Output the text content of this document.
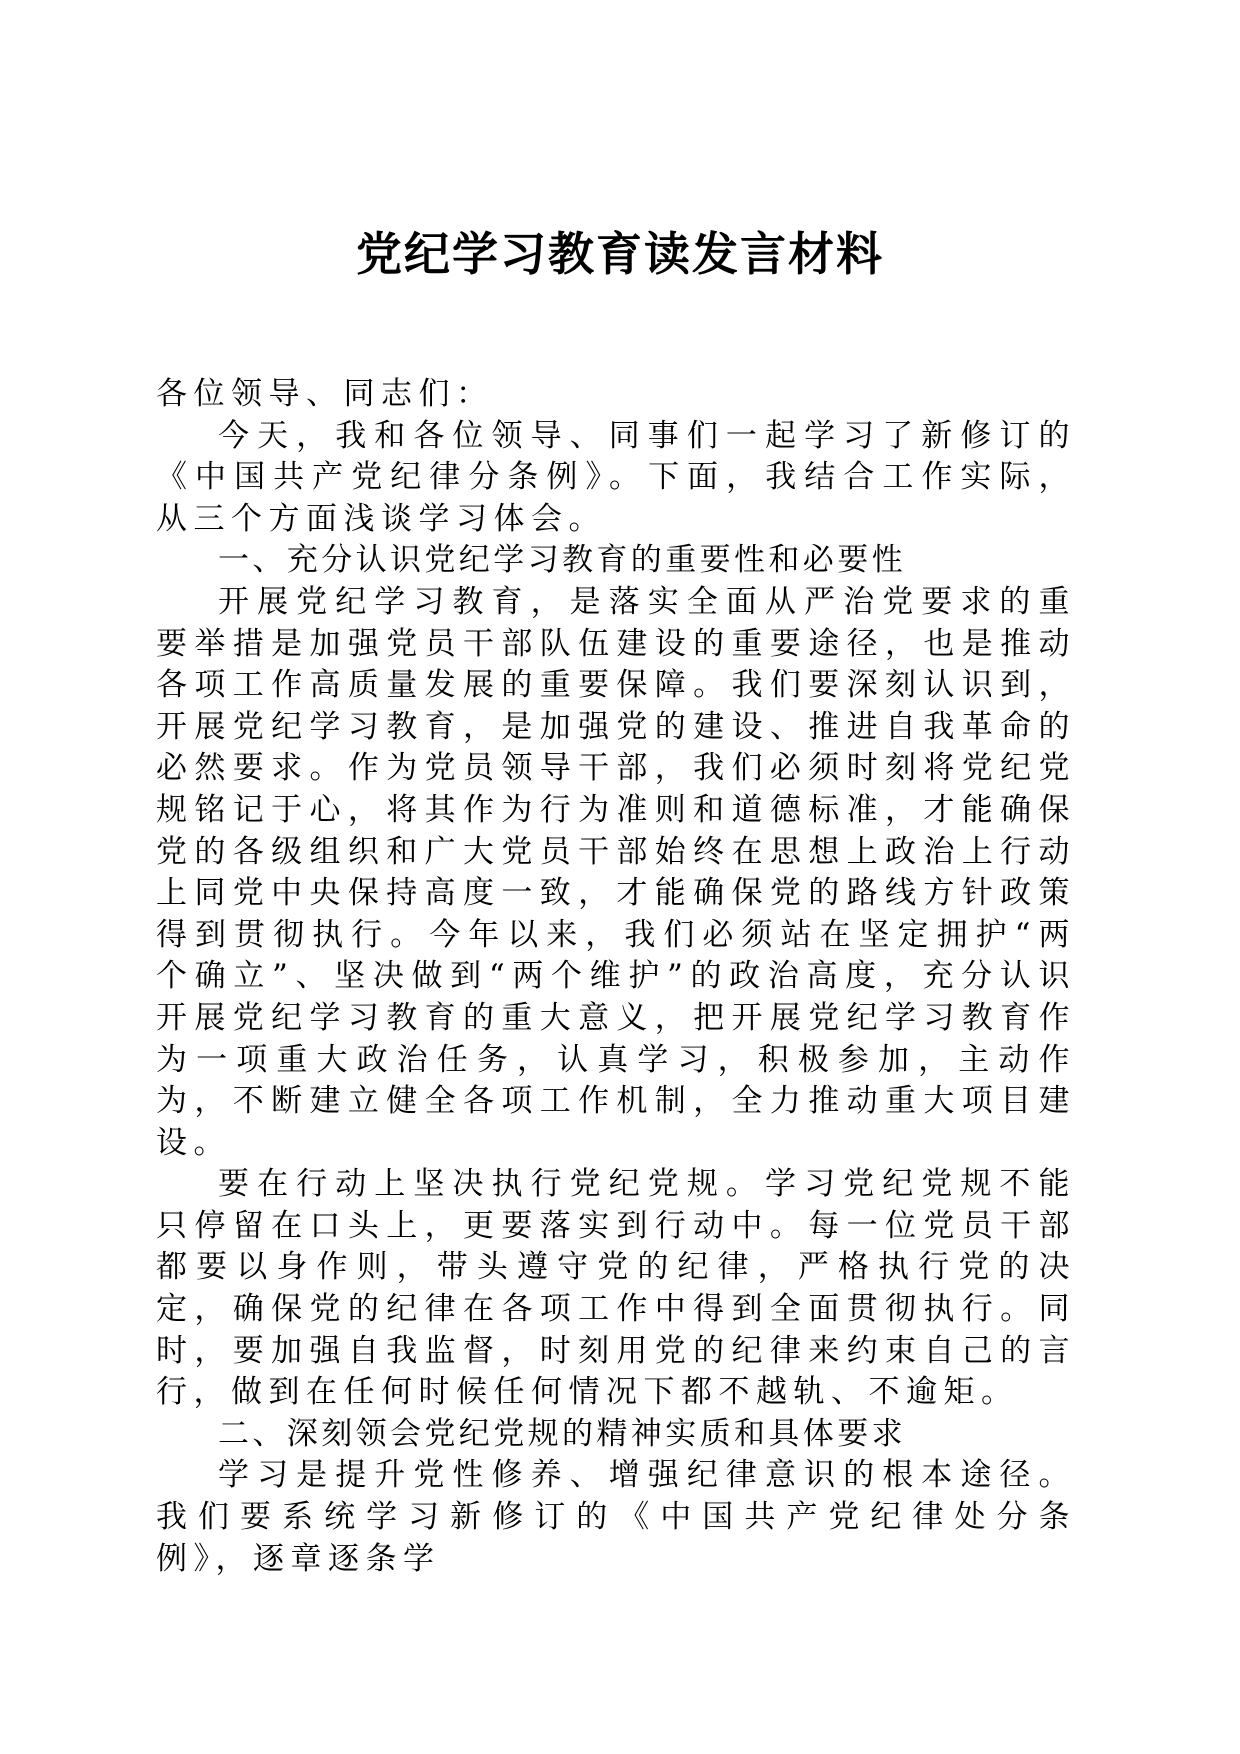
党纪学习教育读发言材料

各位领导、同志们：

今天，我和各位领导、同事们一起学习了新修订的《中国共产党纪律分条例》。下面，我结合工作实际，从三个方面浅谈学习体会。

一、充分认识党纪学习教育的重要性和必要性

开展党纪学习教育，是落实全面从严治党要求的重要举措是加强党员干部队伍建设的重要途径，也是推动各项工作高质量发展的重要保障。我们要深刻认识到，开展党纪学习教育，是加强党的建设、推进自我革命的必然要求。作为党员领导干部，我们必须时刻将党纪党规铭记于心，将其作为行为准则和道德标准，才能确保党的各级组织和广大党员干部始终在思想上政治上行动上同党中央保持高度一致，才能确保党的路线方针政策得到贯彻执行。今年以来，我们必须站在坚定拥护“两个确立”、坚决做到“两个维护”的政治高度，充分认识开展党纪学习教育的重大意义，把开展党纪学习教育作为一项重大政治任务，认真学习，积极参加，主动作为，不断建立健全各项工作机制，全力推动重大项目建设。

要在行动上坚决执行党纪党规。学习党纪党规不能只停留在口头上，更要落实到行动中。每一位党员干部都要以身作则，带头遵守党的纪律，严格执行党的决定，确保党的纪律在各项工作中得到全面贯彻执行。同时，要加强自我监督，时刻用党的纪律来约束自己的言行，做到在任何时候任何情况下都不越轨、不逾矩。

二、深刻领会党纪党规的精神实质和具体要求

学习是提升党性修养、增强纪律意识的根本途径。我们要系统学习新修订的《中国共产党纪律处分条例》，逐章逐条学
